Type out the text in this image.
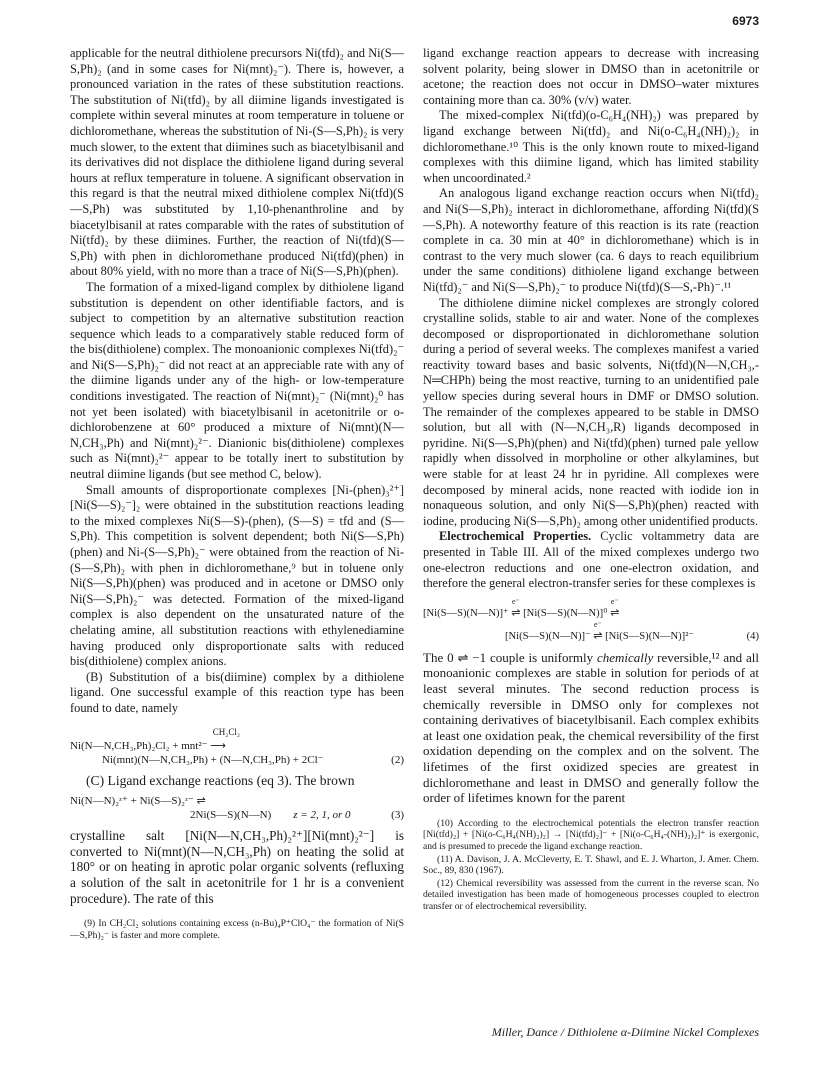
6973

applicable for the neutral dithiolene precursors Ni(tfd)₂ and Ni(S—S,Ph)₂ (and in some cases for Ni(mnt)₂⁻). There is, however, a pronounced variation in the rates of these substitution reactions. The substitution of Ni(tfd)₂ by all diimine ligands investigated is complete within several minutes at room temperature in toluene or dichloromethane, whereas the substitution of Ni-(S—S,Ph)₂ is very much slower, to the extent that diimines such as biacetylbisanil and its derivatives did not displace the dithiolene ligand during several hours at reflux temperature in toluene. A significant observation in this regard is that the neutral mixed dithiolene complex Ni(tfd)(S—S,Ph) was substituted by 1,10-phenanthroline and by biacetylbisanil at rates comparable with the rates of substitution of Ni(tfd)₂ by these diimines. Further, the reaction of Ni(tfd)(S—S,Ph) with phen in dichloromethane produced Ni(tfd)(phen) in about 80% yield, with no more than a trace of Ni(S—S,Ph)(phen).

The formation of a mixed-ligand complex by dithiolene ligand substitution is dependent on other identifiable factors, and is subject to competition by an alternative substitution reaction sequence which leads to a comparatively stable reduced form of the bis(dithiolene) complex. The monoanionic complexes Ni(tfd)₂⁻ and Ni(S—S,Ph)₂⁻ did not react at an appreciable rate with any of the diimine ligands under any of the high- or low-temperature conditions investigated. The reaction of Ni(mnt)₂⁻ (Ni(mnt)₂⁰ has not yet been isolated) with biacetylbisanil in acetonitrile or o-dichlorobenzene at 60° produced a mixture of Ni(mnt)(N—N,CH₃,Ph) and Ni(mnt)₂²⁻. Dianionic bis(dithiolene) complexes such as Ni(mnt)₂²⁻ appear to be totally inert to substitution by neutral diimine ligands (but see method C, below).

Small amounts of disproportionate complexes [Ni-(phen)₃²⁺][Ni(S—S)₂⁻]₂ were obtained in the substitution reactions leading to the mixed complexes Ni(S—S)-(phen), (S—S) = tfd and (S—S,Ph). This competition is solvent dependent; both Ni(S—S,Ph)(phen) and Ni-(S—S,Ph)₂⁻ were obtained from the reaction of Ni-(S—S,Ph)₂ with phen in dichloromethane,⁹ but in toluene only Ni(S—S,Ph)(phen) was produced and in acetone or DMSO only Ni(S—S,Ph)₂⁻ was detected. Formation of the mixed-ligand complex is also dependent on the unsaturated nature of the chelating amine, all substitution reactions with ethylenediamine having produced only disproportionate salts with reduced bis(dithiolene) complex anions.

(B) Substitution of a bis(diimine) complex by a dithiolene ligand. One successful example of this reaction type has been found to date, namely

CH₂Cl₂
Ni(N—N,CH₃,Ph)₂Cl₂ + mnt²⁻ ⟶
Ni(mnt)(N—N,CH₃,Ph) + (N—N,CH₃,Ph) + 2Cl⁻	(2)

(C) Ligand exchange reactions (eq 3). The brown

Ni(N—N)₂ᶻ⁺ + Ni(S—S)₂ᶻ⁻ ⇌
2Ni(S—S)(N—N) z = 2, 1, or 0	(3)

crystalline salt [Ni(N—N,CH₃,Ph)₂²⁺][Ni(mnt)₂²⁻] is converted to Ni(mnt)(N—N,CH₃,Ph) on heating the solid at 180° or on heating in aprotic polar organic solvents (refluxing a solution of the salt in acetonitrile for 1 hr is a convenient procedure). The rate of this

(9) In CH₂Cl₂ solutions containing excess (n-Bu)₄P⁺ClO₄⁻ the formation of Ni(S—S,Ph)₂⁻ is faster and more complete.

ligand exchange reaction appears to decrease with increasing solvent polarity, being slower in DMSO than in acetonitrile or acetone; the reaction does not occur in DMSO–water mixtures containing more than ca. 30% (v/v) water.

The mixed-complex Ni(tfd)(o-C₆H₄(NH)₂) was prepared by ligand exchange between Ni(tfd)₂ and Ni(o-C₆H₄(NH)₂)₂ in dichloromethane.¹⁰ This is the only known route to mixed-ligand complexes with this diimine ligand, which has limited stability when uncoordinated.²

An analogous ligand exchange reaction occurs when Ni(tfd)₂ and Ni(S—S,Ph)₂ interact in dichloromethane, affording Ni(tfd)(S—S,Ph). A noteworthy feature of this reaction is its rate (reaction complete in ca. 30 min at 40° in dichloromethane) which is in contrast to the very much slower (ca. 6 days to reach equilibrium under the same conditions) dithiolene ligand exchange between Ni(tfd)₂⁻ and Ni(S—S,Ph)₂⁻ to produce Ni(tfd)(S—S,-Ph)⁻.¹¹

The dithiolene diimine nickel complexes are strongly colored crystalline solids, stable to air and water. None of the complexes decomposed or disproportionated in dichloromethane solution during a period of several weeks. The complexes manifest a varied reactivity toward bases and basic solvents, Ni(tfd)(N—N,CH₃,-N═CHPh) being the most reactive, turning to an unidentified pale yellow species during several hours in DMF or DMSO solution. The remainder of the complexes appeared to be stable in DMSO solution, but all with (N—N,CH₃,R) ligands decomposed in pyridine. Ni(S—S,Ph)(phen) and Ni(tfd)(phen) turned pale yellow rapidly when dissolved in morpholine or other alkylamines, but were stable for at least 24 hr in pyridine. All complexes were decomposed by mineral acids, none reacted with iodide ion in nonaqueous solution, and only Ni(S—S,Ph)(phen) reacted with iodine, producing Ni(S—S,Ph)₂ among other unidentified products.

Electrochemical Properties. Cyclic voltammetry data are presented in Table III. All of the mixed complexes undergo two one-electron reductions and one one-electron oxidation, and therefore the general electron-transfer series for these complexes is

[Ni(S—S)(N—N)]⁺
e⁻
⇌ [Ni(S—S)(N—N)]⁰
e⁻
⇌
[Ni(S—S)(N—N)]⁻
e⁻
⇌ [Ni(S—S)(N—N)]²⁻	(4)

The 0 ⇌ −1 couple is uniformly chemically reversible,¹² and all monoanionic complexes are stable in solution for periods of at least several minutes. The second reduction process is chemically reversible in DMSO only for complexes not containing derivatives of biacetylbisanil. Each complex exhibits at least one oxidation peak, the chemical reversibility of the first oxidation depending on the complex and on the solvent. The lifetimes of the first oxidized species are greatest in dichloromethane and least in DMSO and generally follow the order of lifetimes known for the parent

(10) According to the electrochemical potentials the electron transfer reaction [Ni(tfd)₂] + [Ni(o-C₆H₄(NH)₂)₂] → [Ni(tfd)₂]⁻ + [Ni(o-C₆H₄-(NH)₂)₂]⁺ is exergonic, and is presumed to precede the ligand exchange reaction.

(11) A. Davison, J. A. McCleverty, E. T. Shawl, and E. J. Wharton, J. Amer. Chem. Soc., 89, 830 (1967).

(12) Chemical reversibility was assessed from the current in the reverse scan. No detailed investigation has been made of homogeneous processes coupled to electron transfer or of electrochemical reversibility.

Miller, Dance / Dithiolene α-Diimine Nickel Complexes
